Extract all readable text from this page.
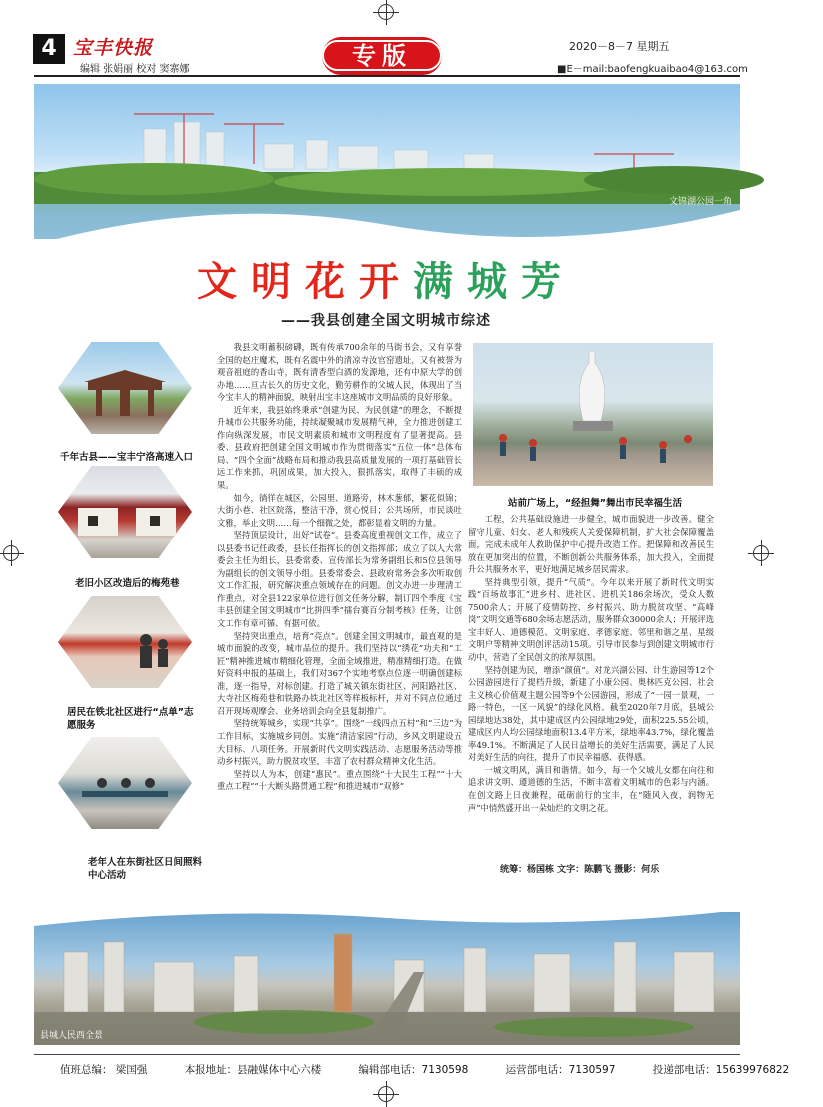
4 宝丰快报
编辑 张娟丽 校对 窦寨娜	专版	2020－8－7 星期五
■E－mail:baofengkuaibao4@163.com
文锦湖公园一角
文明花开满城芳
——我县创建全国文明城市综述
千年古县——宝丰宁洛高速入口
老旧小区改造后的梅苑巷
居民在铁北社区进行“点单”志愿服务
老年人在东街社区日间照料中心活动

我县文明蓄积磅礴，既有传承700余年的马街书会，又有享誉全国的赵庄魔术，既有名震中外的清凉寺汝官窑遗址，又有被誉为观音祖庭的香山寺，既有清香型白酒的发源地，还有中原大学的创办地……亘古长久的历史文化，勤劳耕作的父城人民，体现出了当今宝丰人的精神面貌，映射出宝丰这座城市文明品质的良好形象。

近年来，我县始终秉承“创建为民、为民创建”的理念，不断提升城市公共服务功能，持续凝聚城市发展精气神，全力推进创建工作向纵深发展，市民文明素质和城市文明程度有了显著提高。县委、县政府把创建全国文明城市作为贯彻落实“五位一体”总体布局、“四个全面”战略布局和推动我县高质量发展的一项打基础管长远工作来抓，巩固成果，加大投入，狠抓落实，取得了丰硕的成果。

如今，徜徉在城区，公园里、道路旁，林木葱郁，繁花似锦；大街小巷、社区院落，整洁干净，赏心悦目；公共场所，市民谈吐文雅，举止文明……每一个细微之处，都彰显着文明的力量。

坚持顶层设计，出好“试卷”。县委高度重视创文工作，成立了以县委书记任政委，县长任指挥长的创文指挥部；成立了以人大常委会主任为组长，县委常委、宣传部长为常务副组长和5位县领导为副组长的创文领导小组。县委常委会、县政府常务会多次听取创文工作汇报，研究解决重点领域存在的问题。创文办进一步理清工作重点，对全县122家单位进行创文任务分解，制订四个季度《宝丰县创建全国文明城市“比拼四季”擂台赛百分制考核》任务，让创文工作有章可循、有据可依。

坚持突出重点，培育“亮点”。创建全国文明城市，最直观的是城市面貌的改变，城市品位的提升。我们坚持以“绣花”功夫和“工匠”精神推进城市精细化管理，全面全域推进，精准精细打造。在做好资料申报的基础上，我们对367个实地考察点位逐一明确创建标准，逐一指导，对标创建。打造了城关镇东街社区、河阳路社区、大寺社区梅苑巷和铁路办铁北社区等样板标杆，并对不同点位通过召开现场观摩会、业务培训会向全县复制推广。

坚持统筹城乡，实现“共享”。围绕“一线四点五村”和“三边”为工作目标，实施城乡同创。实施“清洁家园”行动，乡风文明建设五大目标、八项任务。开展新时代文明实践活动、志愿服务活动等推动乡村振兴，助力脱贫攻坚，丰富了农村群众精神文化生活。

坚持以人为本，创建“惠民”。重点围绕“十大民生工程”“十大重点工程”“十大断头路贯通工程”和推进城市“双修”

站前广场上，“经担舞”舞出市民幸福生活

工程，公共基础设施进一步健全，城市面貌进一步改善。健全留守儿童、妇女、老人和残疾人关爱保障机制，扩大社会保障覆盖面，完成未成年人救助保护中心提升改造工作。把保障和改善民生放在更加突出的位置，不断创新公共服务体系，加大投入，全面提升公共服务水平，更好地满足城乡居民需求。

坚持典型引领，提升“气质”。今年以来开展了新时代文明实践“百场故事汇”进乡村、进社区、进机关186余场次，受众人数7500余人；开展了疫情防控、乡村振兴、助力脱贫攻坚、“高峰岗”文明交通等680余场志愿活动，服务群众30000余人；开展评选宝丰好人、道德模范、文明家庭、孝德家庭、邻里和谐之星、星级文明户等精神文明创评活动15项。引导市民参与到创建文明城市行动中，营造了全民创文的浓厚氛围。

坚持创建为民，增添“颜值”。对龙兴湖公园、计生游园等12个公园游园进行了提档升级，新建了小康公园、奥林匹克公园、社会主义核心价值观主题公园等9个公园游园，形成了“一园一景观，一路一特色，一区一风貌”的绿化风格。截至2020年7月底，县城公园绿地达38处，其中建成区内公园绿地29处，面积225.55公顷，建成区内人均公园绿地面积13.4平方米，绿地率43.7%，绿化覆盖率49.1%。不断满足了人民日益增长的美好生活需要，满足了人民对美好生活的向往，提升了市民幸福感、获得感。

一城文明风，满目和谐情。如今，每一个父城儿女都在向往和追求讲文明、遵道德的生活，不断丰富着文明城市的色彩与内涵。在创文路上日夜兼程，砥砺前行的宝丰，在“随风入夜，润物无声”中悄然盛开出一朵灿烂的文明之花。

统筹：杨国栋 文字：陈鹏飞 摄影：何乐
县城人民西全景
值班总编： 梁国强	本报地址：县融媒体中心六楼	编辑部电话：7130598	运营部电话：7130597	投递部电话：15639976822
